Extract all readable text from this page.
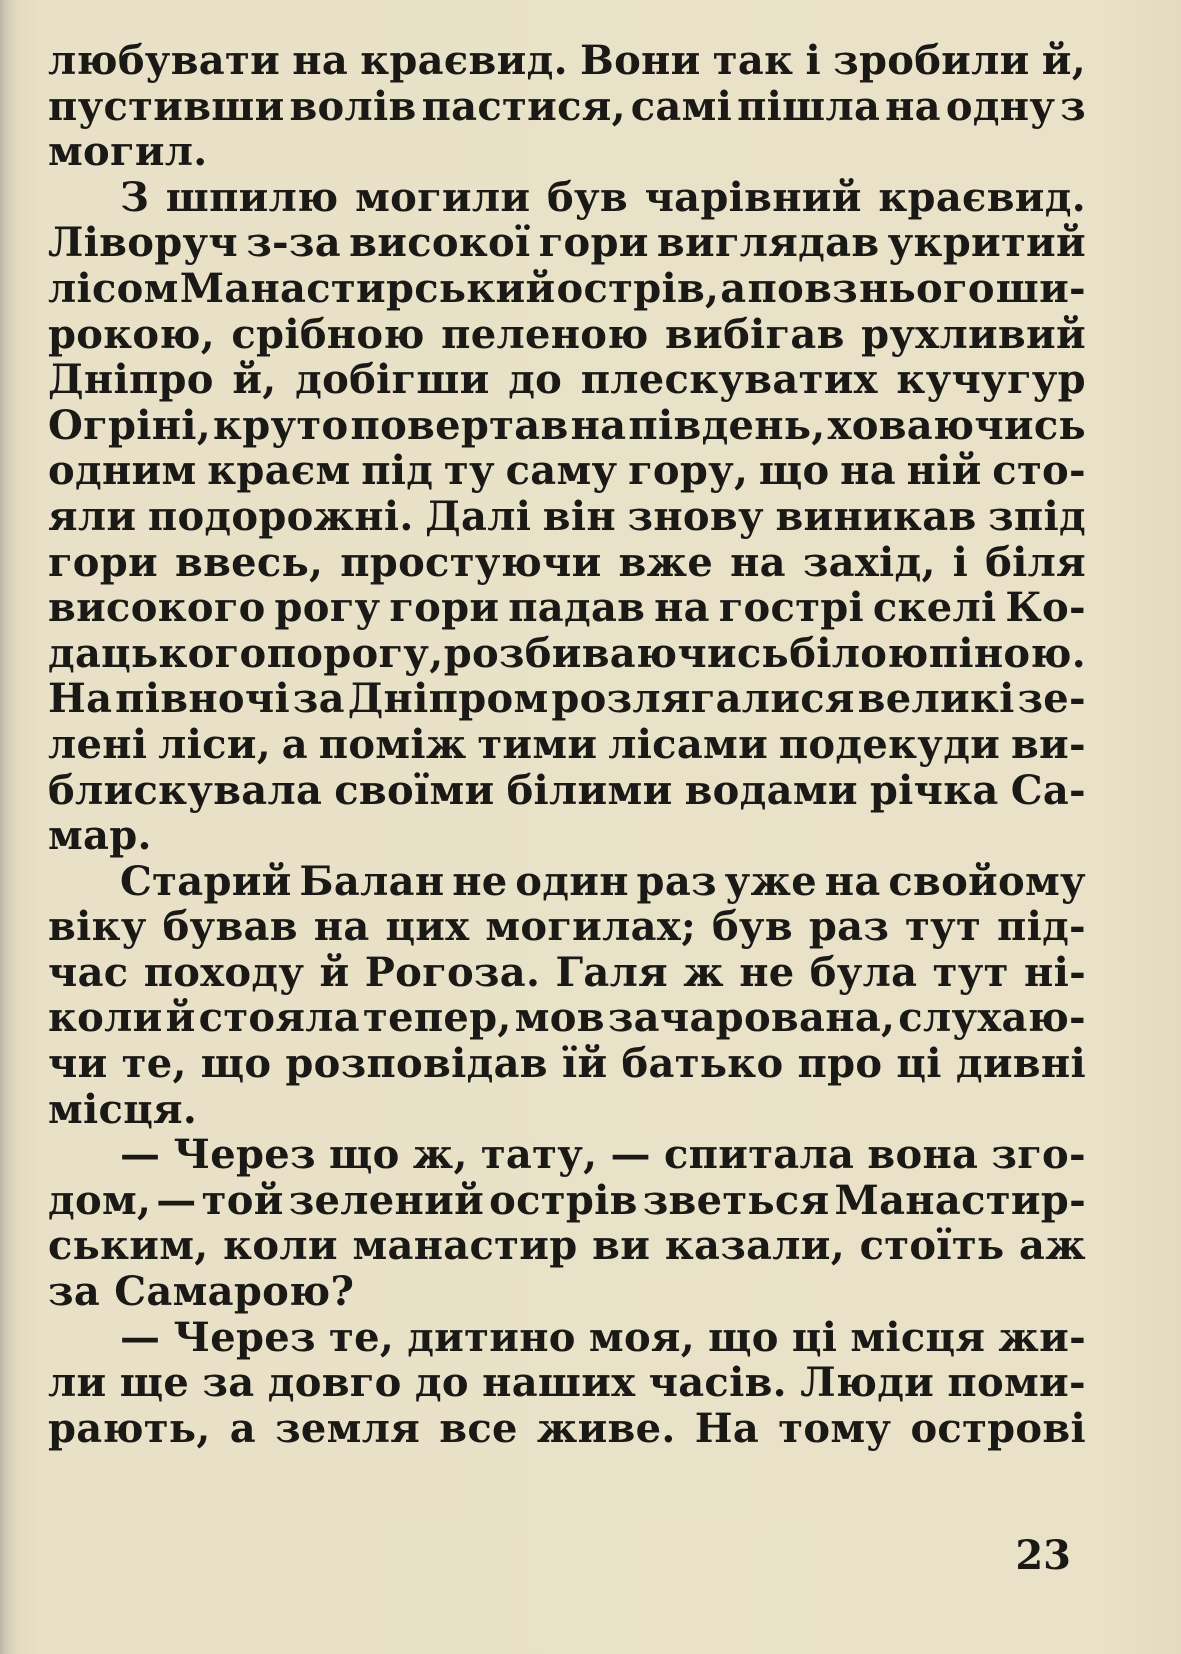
любувати на краєвид. Вони так і зробили й,
пустивши волів пастися, самі пішла на одну з
могил.
З шпилю могили був чарівний краєвид.
Ліворуч з-за високої гори виглядав укритий
лісом Манастирський острів, а повз нього ши-
рокою, срібною пеленою вибігав рухливий
Дніпро й, добігши до плескуватих кучугур
Огріні, круто повертав на південь, ховаючись
одним краєм під ту саму гору, що на ній сто-
яли подорожні. Далі він знову виникав зпід
гори ввесь, простуючи вже на захід, і біля
високого рогу гори падав на гострі скелі Ко-
дацького порогу, розбиваючись білою піною.
На півночі за Дніпром розлягалися великі зе-
лені ліси, а поміж тими лісами подекуди ви-
блискувала своїми білими водами річка Са-
мар.
Старий Балан не один раз уже на свойому
віку бував на цих могилах; був раз тут під-
час походу й Рогоза. Галя ж не була тут ні-
коли й стояла тепер, мов зачарована, слухаю-
чи те, що розповідав їй батько про ці дивні
місця.
— Через що ж, тату, — спитала вона зго-
дом, — той зелений острів зветься Манастир-
ським, коли манастир ви казали, стоїть аж
за Самарою?
— Через те, дитино моя, що ці місця жи-
ли ще за довго до наших часів. Люди поми-
рають, а земля все живе. На тому острові
23
